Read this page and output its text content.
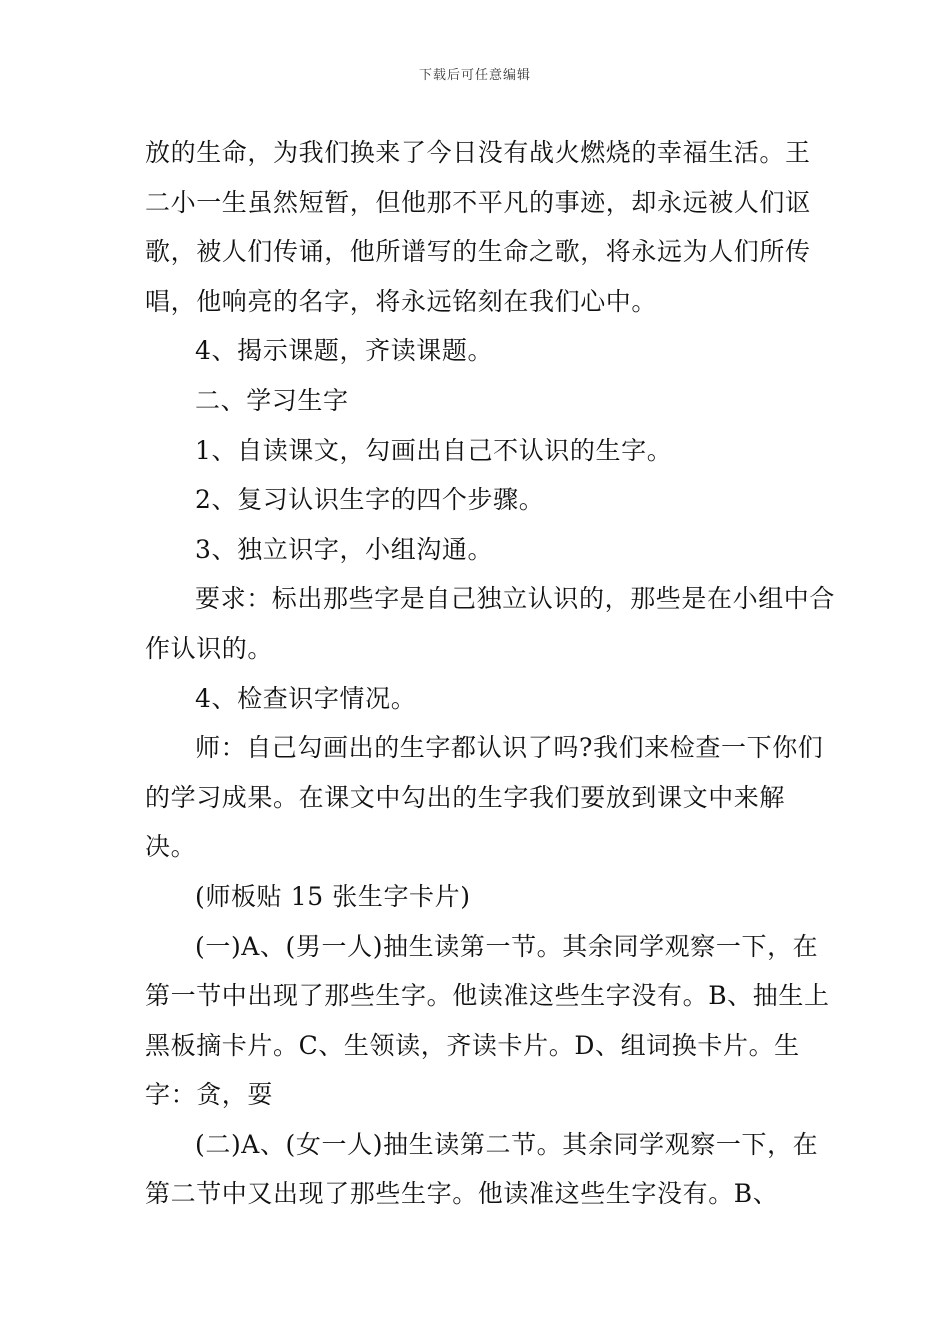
下载后可任意编辑

放的生命，为我们换来了今日没有战火燃烧的幸福生活。王二小一生虽然短暂，但他那不平凡的事迹，却永远被人们讴歌，被人们传诵，他所谱写的生命之歌，将永远为人们所传唱，他响亮的名字，将永远铭刻在我们心中。

4、揭示课题，齐读课题。

二、学习生字

1、自读课文，勾画出自己不认识的生字。

2、复习认识生字的四个步骤。

3、独立识字，小组沟通。

要求：标出那些字是自己独立认识的，那些是在小组中合作认识的。

4、检查识字情况。

师：自己勾画出的生字都认识了吗?我们来检查一下你们的学习成果。在课文中勾出的生字我们要放到课文中来解决。

(师板贴 15 张生字卡片)

(一)A、(男一人)抽生读第一节。其余同学观察一下，在第一节中出现了那些生字。他读准这些生字没有。B、抽生上黑板摘卡片。C、生领读，齐读卡片。D、组词换卡片。生字：贪，耍

(二)A、(女一人)抽生读第二节。其余同学观察一下，在第二节中又出现了那些生字。他读准这些生字没有。B、
